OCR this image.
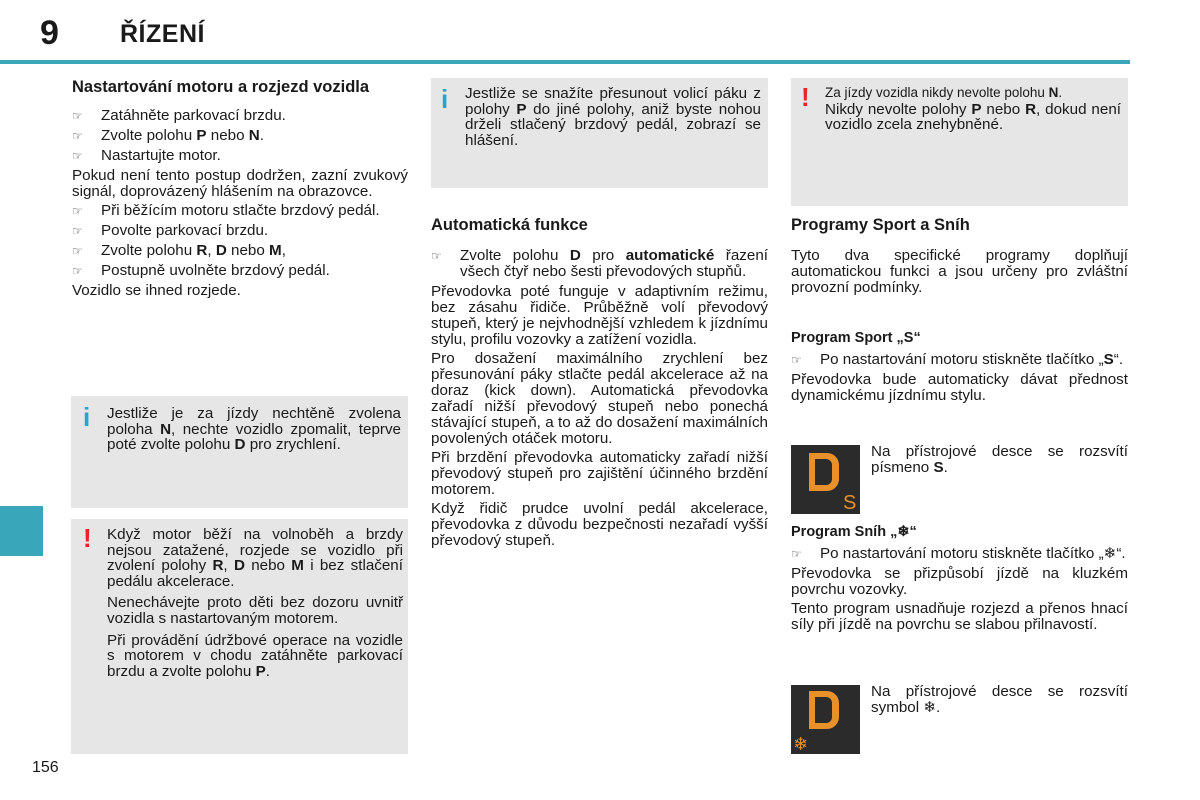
9 ŘÍZENÍ
156
Nastartování motoru a rozjezd vozidla
☞	Zatáhněte parkovací brzdu.
☞	Zvolte polohu P nebo N.
☞	Nastartujte motor.

Pokud není tento postup dodržen, zazní zvukový signál, doprovázený hlášením na obrazovce.

☞	Při běžícím motoru stlačte brzdový pedál.
☞	Povolte parkovací brzdu.
☞	Zvolte polohu R, D nebo M,
☞	Postupně uvolněte brzdový pedál.

Vozidlo se ihned rozjede.

i Jestliže je za jízdy nechtěně zvolena poloha N, nechte vozidlo zpomalit, teprve poté zvolte polohu D pro zrychlení.

! Když motor běží na volnoběh a brzdy nejsou zatažené, rozjede se vozidlo při zvolení polohy R, D nebo M i bez stlačení pedálu akcelerace.

Nenechávejte proto děti bez dozoru uvnitř vozidla s nastartovaným motorem.

Při provádění údržbové operace na vozidle s motorem v chodu zatáhněte parkovací brzdu a zvolte polohu P.

i Jestliže se snažíte přesunout volicí páku z polohy P do jiné polohy, aniž byste nohou drželi stlačený brzdový pedál, zobrazí se hlášení.

Automatická funkce
☞	Zvolte polohu D pro automatické řazení všech čtyř nebo šesti převodových stupňů.

Převodovka poté funguje v adaptivním režimu, bez zásahu řidiče. Průběžně volí převodový stupeň, který je nejvhodnější vzhledem k jízdnímu stylu, profilu vozovky a zatížení vozidla.

Pro dosažení maximálního zrychlení bez přesunování páky stlačte pedál akcelerace až na doraz (kick down). Automatická převodovka zařadí nižší převodový stupeň nebo ponechá stávající stupeň, a to až do dosažení maximálních povolených otáček motoru.

Při brzdění převodovka automaticky zařadí nižší převodový stupeň pro zajištění účinného brzdění motorem.

Když řidič prudce uvolní pedál akcelerace, převodovka z důvodu bezpečnosti nezařadí vyšší převodový stupeň.

! Za jízdy vozidla nikdy nevolte polohu N.

Nikdy nevolte polohy P nebo R, dokud není vozidlo zcela znehybněné.

Programy Sport a Sníh

Tyto dva specifické programy doplňují automatickou funkci a jsou určeny pro zvláštní provozní podmínky.

Program Sport „S“
☞	Po nastartování motoru stiskněte tlačítko „S“.

Převodovka bude automaticky dávat přednost dynamickému jízdnímu stylu.

S

Na přístrojové desce se rozsvítí písmeno S.

Program Sníh „❄“
☞	Po nastartování motoru stiskněte tlačítko „❄“.

Převodovka se přizpůsobí jízdě na kluzkém povrchu vozovky.

Tento program usnadňuje rozjezd a přenos hnací síly při jízdě na povrchu se slabou přilnavostí.

❄

Na přístrojové desce se rozsvítí symbol ❄.
